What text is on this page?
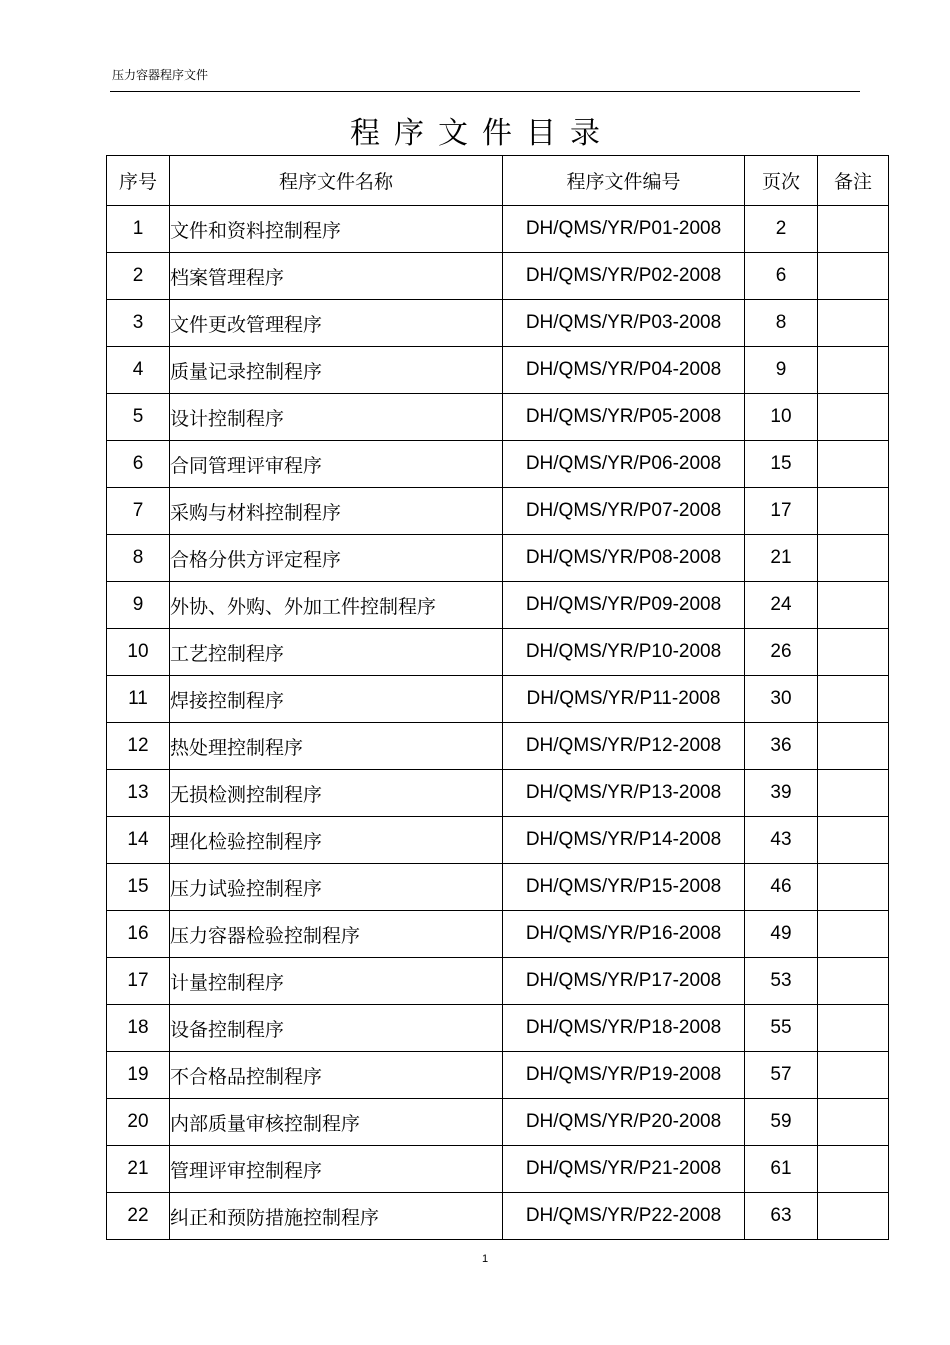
压力容器程序文件
程序文件目录
序号	程序文件名称	程序文件编号	页次	备注
1	文件和资料控制程序	DH/QMS/YR/P01-2008	2	
2	档案管理程序	DH/QMS/YR/P02-2008	6	
3	文件更改管理程序	DH/QMS/YR/P03-2008	8	
4	质量记录控制程序	DH/QMS/YR/P04-2008	9	
5	设计控制程序	DH/QMS/YR/P05-2008	10	
6	合同管理评审程序	DH/QMS/YR/P06-2008	15	
7	采购与材料控制程序	DH/QMS/YR/P07-2008	17	
8	合格分供方评定程序	DH/QMS/YR/P08-2008	21	
9	外协、外购、外加工件控制程序	DH/QMS/YR/P09-2008	24	
10	工艺控制程序	DH/QMS/YR/P10-2008	26	
11	焊接控制程序	DH/QMS/YR/P11-2008	30	
12	热处理控制程序	DH/QMS/YR/P12-2008	36	
13	无损检测控制程序	DH/QMS/YR/P13-2008	39	
14	理化检验控制程序	DH/QMS/YR/P14-2008	43	
15	压力试验控制程序	DH/QMS/YR/P15-2008	46	
16	压力容器检验控制程序	DH/QMS/YR/P16-2008	49	
17	计量控制程序	DH/QMS/YR/P17-2008	53	
18	设备控制程序	DH/QMS/YR/P18-2008	55	
19	不合格品控制程序	DH/QMS/YR/P19-2008	57	
20	内部质量审核控制程序	DH/QMS/YR/P20-2008	59	
21	管理评审控制程序	DH/QMS/YR/P21-2008	61	
22	纠正和预防措施控制程序	DH/QMS/YR/P22-2008	63	
1
